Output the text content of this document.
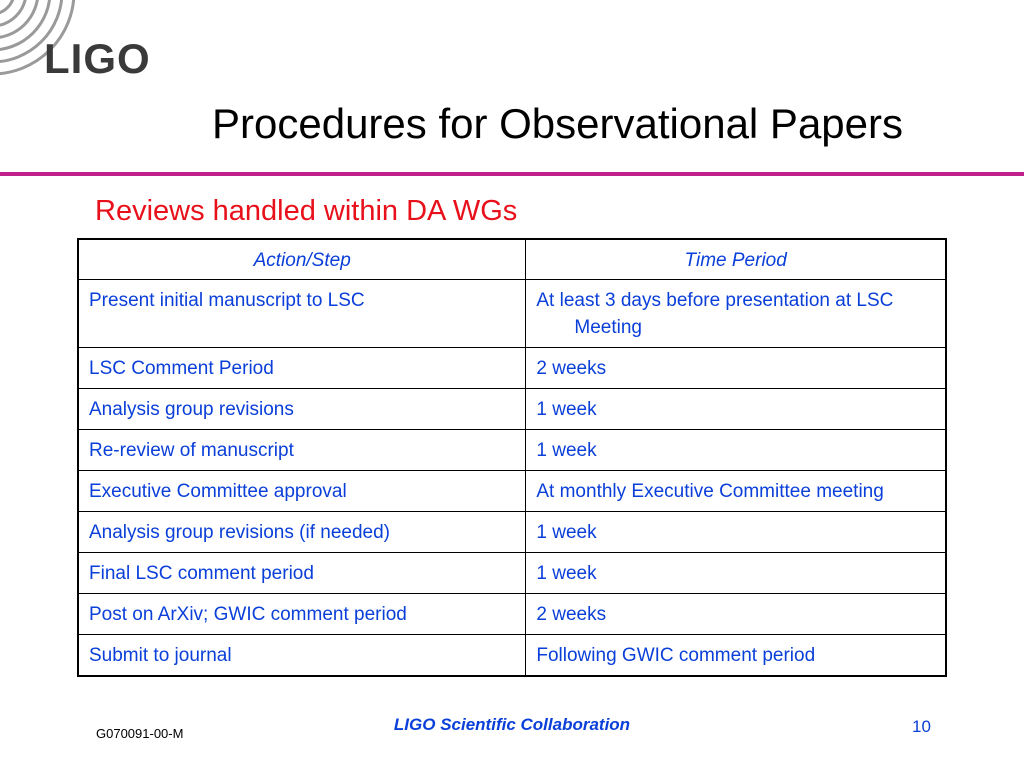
LIGO
Procedures for Observational Papers
Reviews handled within DA WGs
Action/Step	Time Period
Present initial manuscript to LSC	At least 3 days before presentation at LSC Meeting

LSC Comment Period	2 weeks
Analysis group revisions	1 week
Re-review of manuscript	1 week
Executive Committee approval	At monthly Executive Committee meeting

Analysis group revisions (if needed)	1 week
Final LSC comment period	1 week
Post on ArXiv; GWIC comment period	2 weeks
Submit to journal	Following GWIC comment period
G070091-00-M	LIGO Scientific Collaboration	10
